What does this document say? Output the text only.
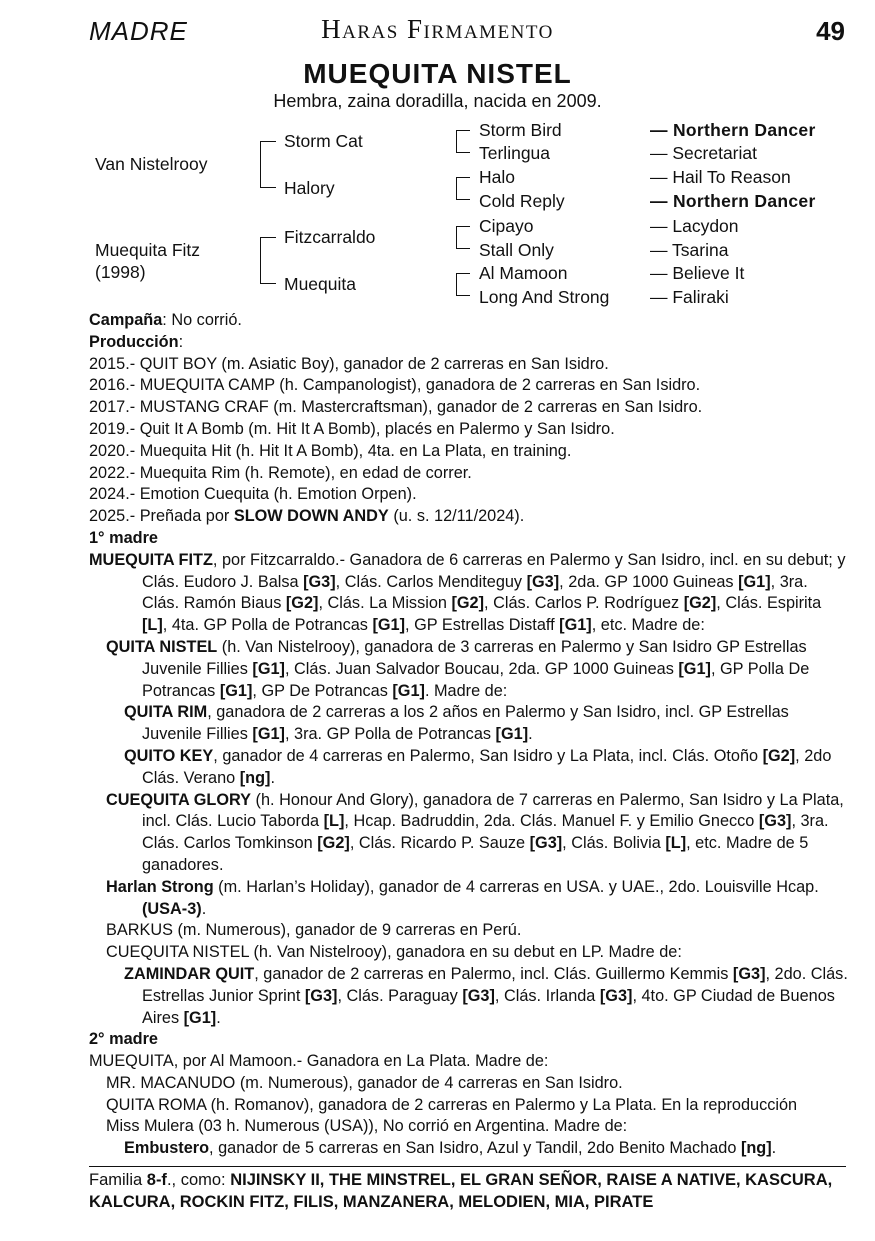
MADRE	Haras Firmamento	49
MUEQUITA NISTEL
Hembra, zaina doradilla, nacida en 2009.
Van Nistelrooy
Muequita Fitz
(1998)
Storm Cat
Halory
Fitzcarraldo
Muequita
Storm Bird
Terlingua
Halo
Cold Reply
Cipayo
Stall Only
Al Mamoon
Long And Strong
— Northern Dancer
— Secretariat
— Hail To Reason
— Northern Dancer
— Lacydon
— Tsarina
— Believe It
— Faliraki

Campaña: No corrió.

Producción:

2015.- QUIT BOY (m. Asiatic Boy), ganador de 2 carreras en San Isidro.

2016.- MUEQUITA CAMP (h. Campanologist), ganadora de 2 carreras en San Isidro.

2017.- MUSTANG CRAF (m. Mastercraftsman), ganador de 2 carreras en San Isidro.

2019.- Quit It A Bomb (m. Hit It A Bomb), placés en Palermo y San Isidro.

2020.- Muequita Hit (h. Hit It A Bomb), 4ta. en La Plata, en training.

2022.- Muequita Rim (h. Remote), en edad de correr.

2024.- Emotion Cuequita (h. Emotion Orpen).

2025.- Preñada por SLOW DOWN ANDY (u. s. 12/11/2024).

1° madre

MUEQUITA FITZ, por Fitzcarraldo.- Ganadora de 6 carreras en Palermo y San Isidro, incl. en su debut; y Clás. Eudoro J. Balsa [G3], Clás. Carlos Menditeguy [G3], 2da. GP 1000 Guineas [G1], 3ra. Clás. Ramón Biaus [G2], Clás. La Mission [G2], Clás. Carlos P. Rodríguez [G2], Clás. Espirita [L], 4ta. GP Polla de Potrancas [G1], GP Estrellas Distaff [G1], etc. Madre de:

QUITA NISTEL (h. Van Nistelrooy), ganadora de 3 carreras en Palermo y San Isidro GP Estrellas Juvenile Fillies [G1], Clás. Juan Salvador Boucau, 2da. GP 1000 Guineas [G1], GP Polla De Potrancas [G1], GP De Potrancas [G1]. Madre de:

QUITA RIM, ganadora de 2 carreras a los 2 años en Palermo y San Isidro, incl. GP Estrellas Juvenile Fillies [G1], 3ra. GP Polla de Potrancas [G1].

QUITO KEY, ganador de 4 carreras en Palermo, San Isidro y La Plata, incl. Clás. Otoño [G2], 2do Clás. Verano [ng].

CUEQUITA GLORY (h. Honour And Glory), ganadora de 7 carreras en Palermo, San Isidro y La Plata, incl. Clás. Lucio Taborda [L], Hcap. Badruddin, 2da. Clás. Manuel F. y Emilio Gnecco [G3], 3ra. Clás. Carlos Tomkinson [G2], Clás. Ricardo P. Sauze [G3], Clás. Bolivia [L], etc. Madre de 5 ganadores.

Harlan Strong (m. Harlan’s Holiday), ganador de 4 carreras en USA. y UAE., 2do. Louisville Hcap. (USA-3).

BARKUS (m. Numerous), ganador de 9 carreras en Perú.

CUEQUITA NISTEL (h. Van Nistelrooy), ganadora en su debut en LP. Madre de:

ZAMINDAR QUIT, ganador de 2 carreras en Palermo, incl. Clás. Guillermo Kemmis [G3], 2do. Clás. Estrellas Junior Sprint [G3], Clás. Paraguay [G3], Clás. Irlanda [G3], 4to. GP Ciudad de Buenos Aires [G1].

2° madre

MUEQUITA, por Al Mamoon.- Ganadora en La Plata. Madre de:

MR. MACANUDO (m. Numerous), ganador de 4 carreras en San Isidro.

QUITA ROMA (h. Romanov), ganadora de 2 carreras en Palermo y La Plata. En la reproducción

Miss Mulera (03 h. Numerous (USA)), No corrió en Argentina. Madre de:

Embustero, ganador de 5 carreras en San Isidro, Azul y Tandil, 2do Benito Machado [ng].

Familia 8-f., como: NIJINSKY II, THE MINSTREL, EL GRAN SEÑOR, RAISE A NATIVE, KASCURA, KALCURA, ROCKIN FITZ, FILIS, MANZANERA, MELODIEN, MIA, PIRATE
